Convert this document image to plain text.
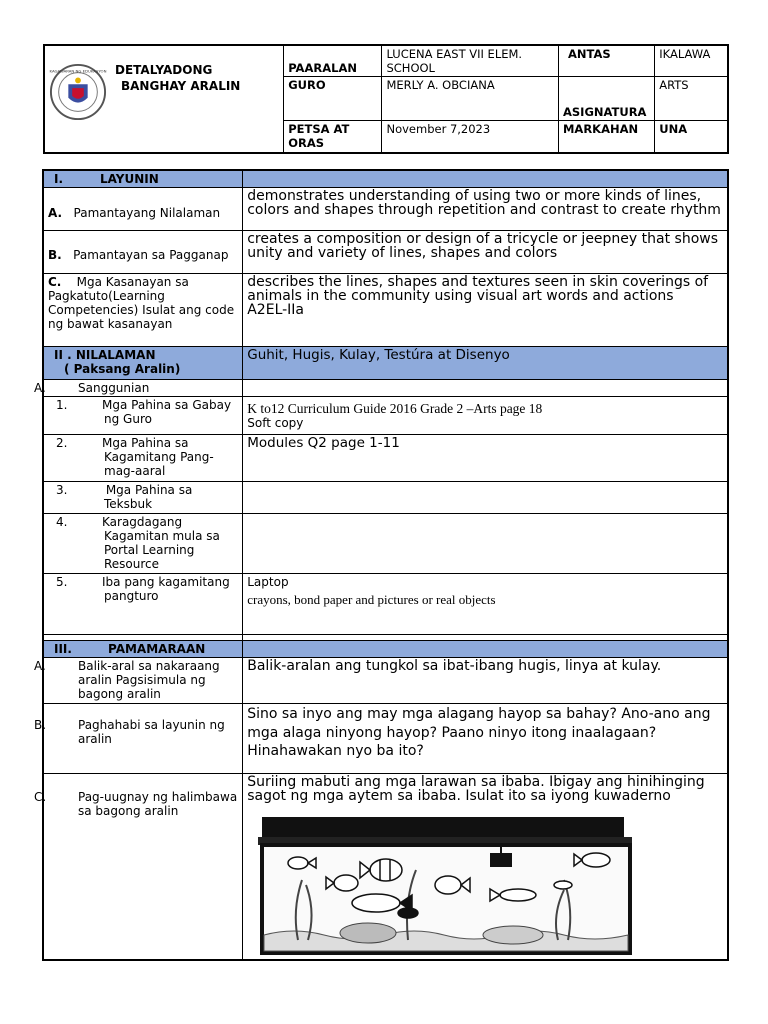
KAGAWARAN NG EDUKASYON DETALYADONG
BANGHAY ARALIN	PAARALAN	LUCENA EAST VII ELEM. SCHOOL	ANTAS	IKALAWA
	GURO	MERLY A. OBCIANA	ASIGNATURA	ARTS
	PETSA AT ORAS	November 7,2023	MARKAHAN	UNA
I. LAYUNIN	
A. Pamantayang Nilalaman	demonstrates understanding of using two or more kinds of lines, colors and shapes through repetition and contrast to create rhythm
B. Pamantayan sa Pagganap	creates a composition or design of a tricycle or jeepney that shows unity and variety of lines, shapes and colors
C. Mga Kasanayan sa Pagkatuto(Learning Competencies) Isulat ang code ng bawat kasanayan	describes the lines, shapes and textures seen in skin coverings of animals in the community using visual art words and actions
A2EL-IIa

II . NILALAMAN
( Paksang Aralin)	Guhit, Hugis, Kulay, Testúra at Disenyo
A. Sanggunian	
1. Mga Pahina sa Gabay ng Guro	K to12 Curriculum Guide 2016 Grade 2 –Arts page 18
Soft copy

2. Mga Pahina sa Kagamitang Pang-mag-aaral	Modules Q2 page 1-11
3. Mga Pahina sa Teksbuk	
4. Karagdagang Kagamitan mula sa Portal Learning Resource	
5. Iba pang kagamitang pangturo	Laptop
crayons, bond paper and pictures or real objects

III. PAMAMARAAN	
A. Balik-aral sa nakaraang aralin Pagsisimula ng bagong aralin	Balik-aralan ang tungkol sa ibat-ibang hugis, linya at kulay.
B. Paghahabi sa layunin ng aralin	Sino sa inyo ang may mga alagang hayop sa bahay? Ano-ano ang mga alaga ninyong hayop? Paano ninyo itong inaalagaan? Hinahawakan nyo ba ito?
C. Pag-uugnay ng halimbawa sa bagong aralin	Suriing mabuti ang mga larawan sa ibaba. Ibigay ang hinihinging sagot ng mga aytem sa ibaba. Isulat ito sa iyong kuwaderno
